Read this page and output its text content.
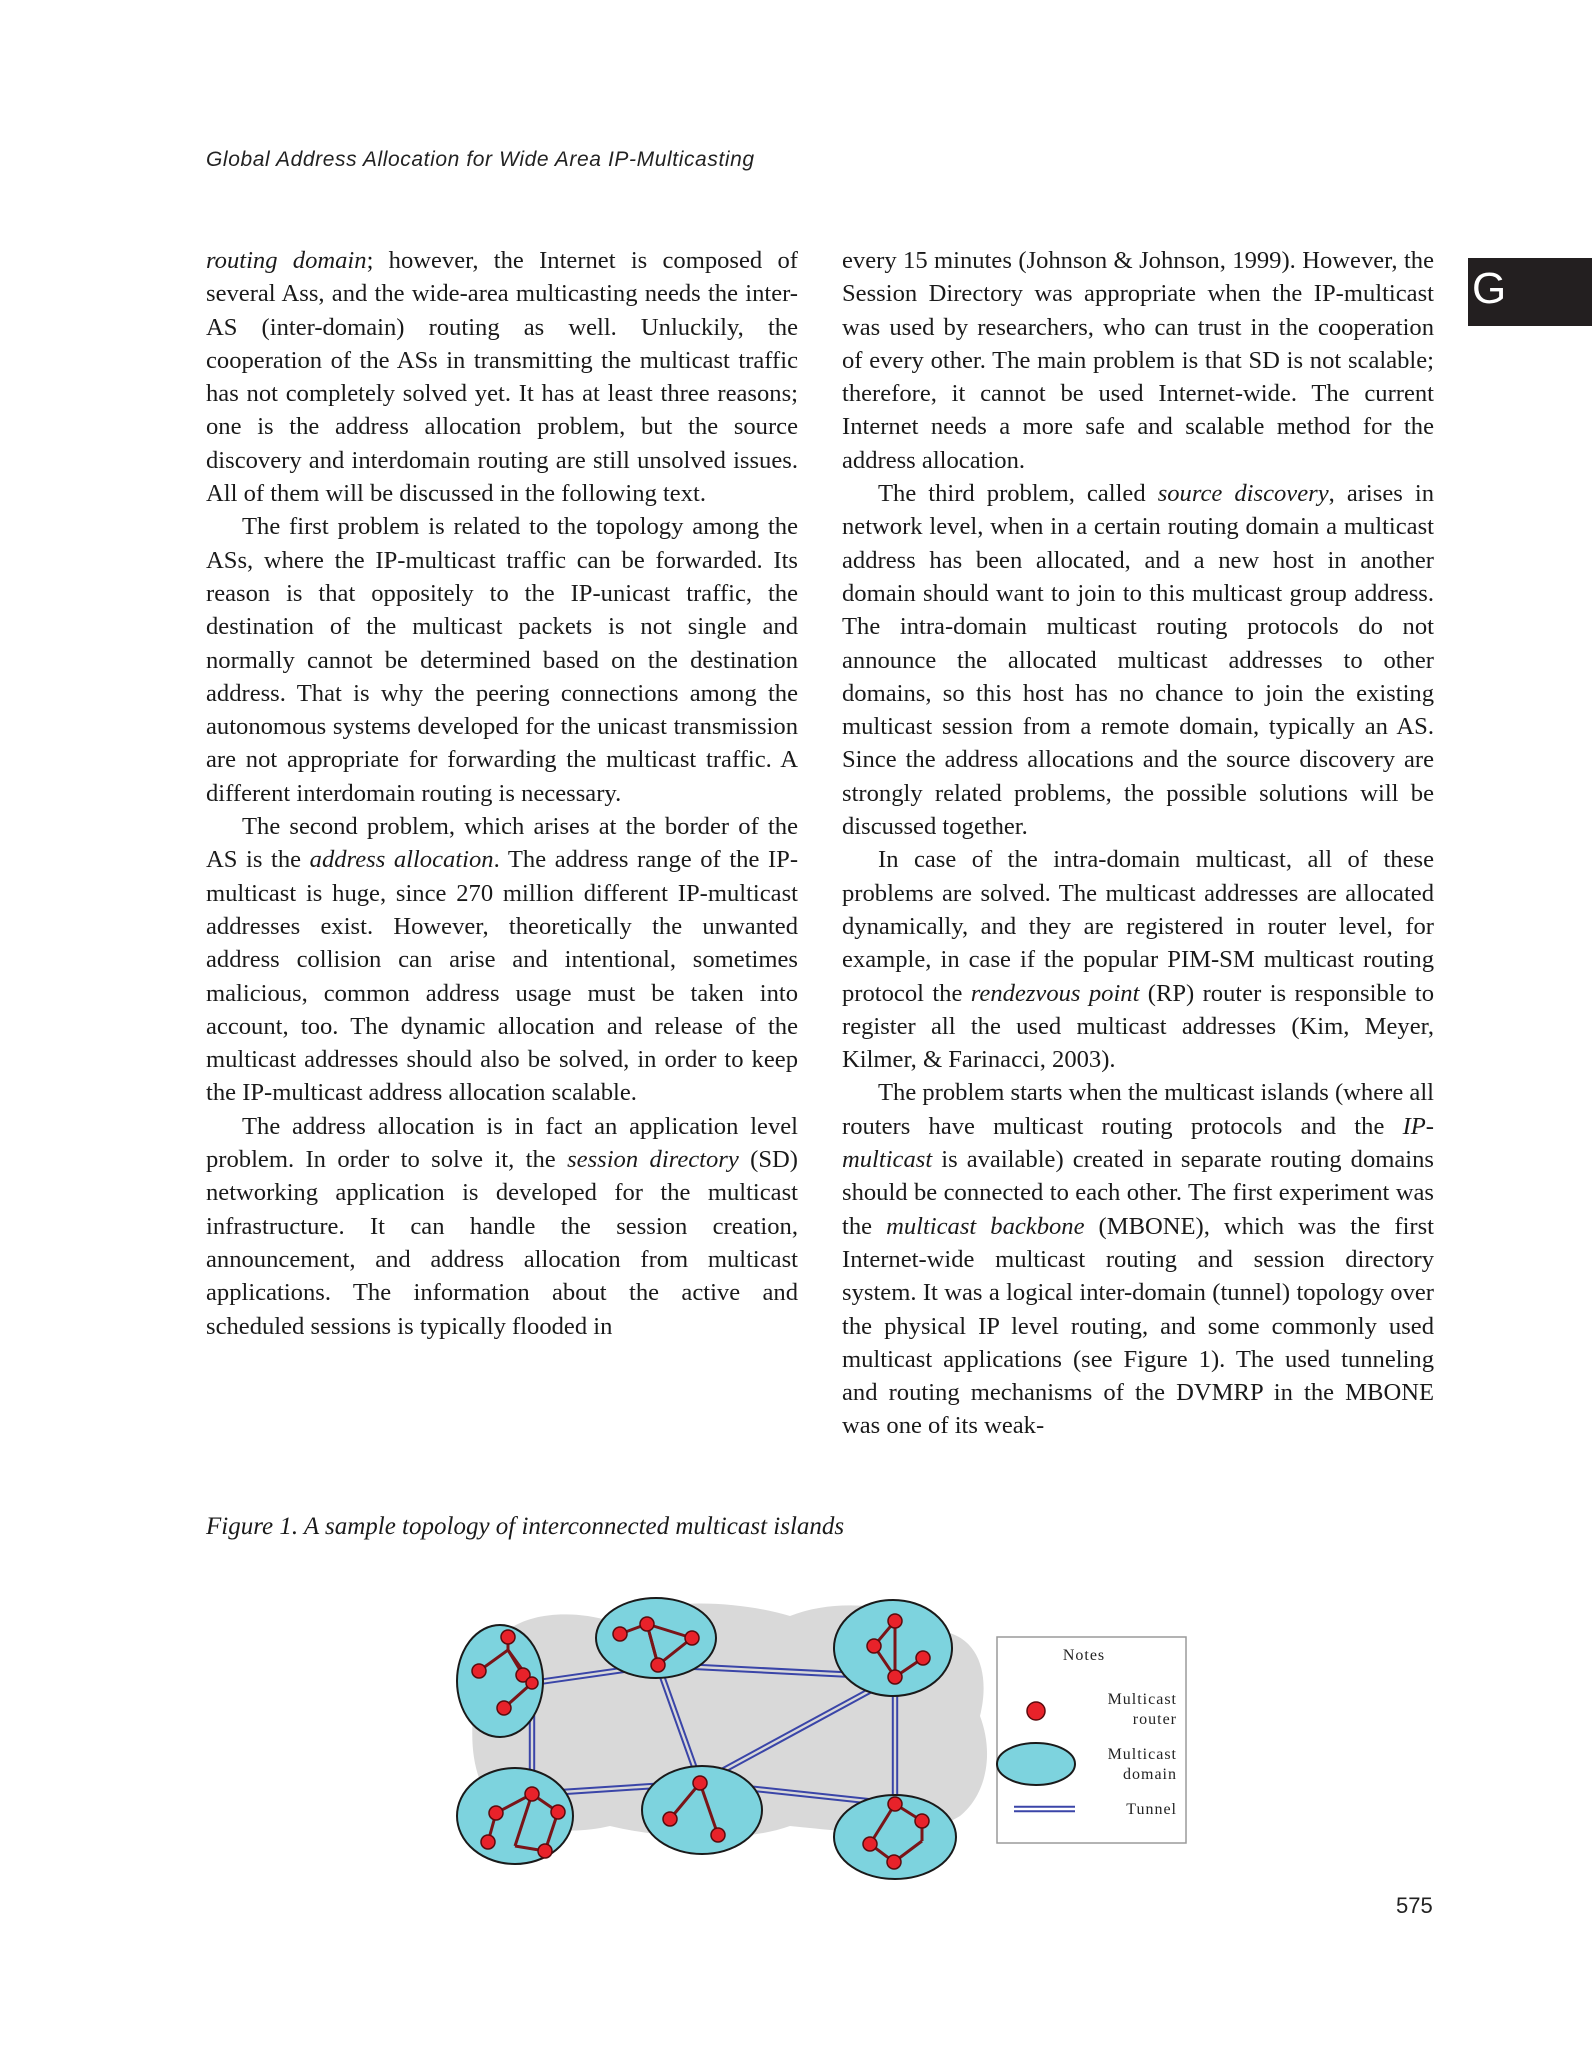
Global Address Allocation for Wide Area IP-Multicasting
G

routing domain; however, the Internet is composed of several Ass, and the wide-area multicasting needs the inter-AS (inter-domain) routing as well. Unluckily, the cooperation of the ASs in transmitting the multicast traffic has not completely solved yet. It has at least three reasons; one is the address allocation problem, but the source discovery and interdomain routing are still unsolved issues. All of them will be discussed in the following text.

The first problem is related to the topology among the ASs, where the IP-multicast traffic can be forwarded. Its reason is that oppositely to the IP-unicast traffic, the destination of the multicast packets is not single and normally cannot be determined based on the destination address. That is why the peering connections among the autonomous systems developed for the unicast transmission are not appropriate for forwarding the multicast traffic. A different interdomain routing is necessary.

The second problem, which arises at the border of the AS is the address allocation. The address range of the IP-multicast is huge, since 270 million different IP-multicast addresses exist. However, theoretically the unwanted address collision can arise and intentional, sometimes malicious, common address usage must be taken into account, too. The dynamic allocation and release of the multicast addresses should also be solved, in order to keep the IP-multicast address allocation scalable.

The address allocation is in fact an application level problem. In order to solve it, the session directory (SD) networking application is developed for the multicast infrastructure. It can handle the session creation, announcement, and address allocation from multicast applications. The information about the active and scheduled sessions is typically flooded in

every 15 minutes (Johnson & Johnson, 1999). However, the Session Directory was appropriate when the IP-multicast was used by researchers, who can trust in the cooperation of every other. The main problem is that SD is not scalable; therefore, it cannot be used Internet-wide. The current Internet needs a more safe and scalable method for the address allocation.

The third problem, called source discovery, arises in network level, when in a certain routing domain a multicast address has been allocated, and a new host in another domain should want to join to this multicast group address. The intra-domain multicast routing protocols do not announce the allocated multicast addresses to other domains, so this host has no chance to join the existing multicast session from a remote domain, typically an AS. Since the address allocations and the source discovery are strongly related problems, the possible solutions will be discussed together.

In case of the intra-domain multicast, all of these problems are solved. The multicast addresses are allocated dynamically, and they are registered in router level, for example, in case if the popular PIM-SM multicast routing protocol the rendezvous point (RP) router is responsible to register all the used multicast addresses (Kim, Meyer, Kilmer, & Farinacci, 2003).

The problem starts when the multicast islands (where all routers have multicast routing protocols and the IP-multicast is available) created in separate routing domains should be connected to each other. The first experiment was the multicast backbone (MBONE), which was the first Internet-wide multicast routing and session directory system. It was a logical inter-domain (tunnel) topology over the physical IP level routing, and some commonly used multicast applications (see Figure 1). The used tunneling and routing mechanisms of the DVMRP in the MBONE was one of its weak-

Figure 1. A sample topology of interconnected multicast islands
Notes
Multicast
router
Multicast
domain
Tunnel
575
